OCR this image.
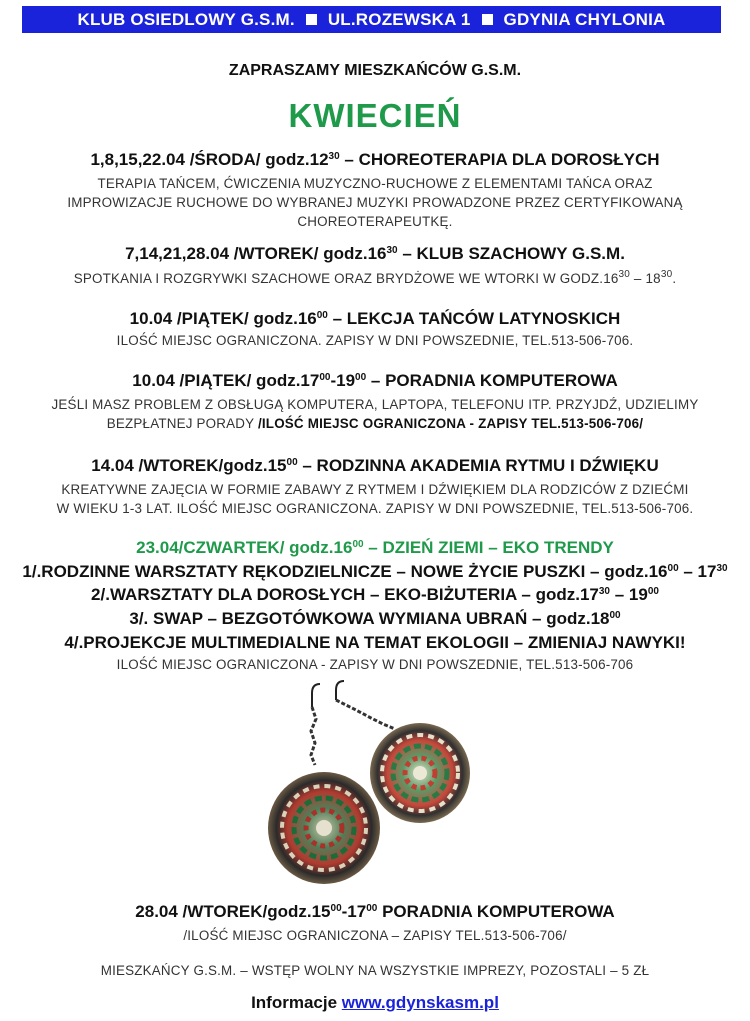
KLUB OSIEDLOWY G.S.M. UL.ROZEWSKA 1 GDYNIA CHYLONIA
ZAPRASZAMY MIESZKAŃCÓW G.S.M.
KWIECIEŃ
1,8,15,22.04 /ŚRODA/ $godz.12^{30}$ – CHOREOTERAPIA DLA DOROSŁYCH
TERAPIA TAŃCEM, ĆWICZENIA MUZYCZNO-RUCHOWE Z ELEMENTAMI TAŃCA ORAZ
IMPROWIZACJE RUCHOWE DO WYBRANEJ MUZYKI PROWADZONE PRZEZ CERTYFIKOWANĄ
CHOREOTERAPEUTKĘ.
7,14,21,28.04 /WTOREK/ $godz.16^{30}$ – KLUB SZACHOWY G.S.M.
SPOTKANIA I ROZGRYWKI SZACHOWE ORAZ BRYDŻOWE WE WTORKI W $GODZ.16^{30} - 18^{30}$.
10.04 /PIĄTEK/ $godz.16^{00}$ – LEKCJA TAŃCÓW LATYNOSKICH
ILOŚĆ MIEJSC OGRANICZONA. ZAPISY W DNI POWSZEDNIE, TEL.513-506-706.
10.04 /PIĄTEK/ $godz.17^{00}-19^{00}$ – PORADNIA KOMPUTEROWA
JEŚLI MASZ PROBLEM Z OBSŁUGĄ KOMPUTERA, LAPTOPA, TELEFONU ITP. PRZYJDŹ, UDZIELIMY
BEZPŁATNEJ PORADY /ILOŚĆ MIEJSC OGRANICZONA - ZAPISY TEL.513-506-706/
14.04 $/WTOREK/godz.15^{00}$ – RODZINNA AKADEMIA RYTMU I DŹWIĘKU
KREATYWNE ZAJĘCIA W FORMIE ZABAWY Z RYTMEM I DŹWIĘKIEM DLA RODZICÓW Z DZIEĆMI
W WIEKU 1-3 LAT. ILOŚĆ MIEJSC OGRANICZONA. ZAPISY W DNI POWSZEDNIE, TEL.513-506-706.
23.04/CZWARTEK/ $godz.16^{00}$ – DZIEŃ ZIEMI – EKO TRENDY
1/.RODZINNE WARSZTATY RĘKODZIELNICZE – NOWE ŻYCIE PUSZKI – $godz.16^{00} - 17^{30}$
2/.WARSZTATY DLA DOROSŁYCH – EKO-BIŻUTERIA – $godz.17^{30} - 19^{00}$
3/. SWAP – BEZGOTÓWKOWA WYMIANA UBRAŃ – $godz.18^{00}$
4/.PROJEKCJE MULTIMEDIALNE NA TEMAT EKOLOGII – ZMIENIAJ NAWYKI!
ILOŚĆ MIEJSC OGRANICZONA - ZAPISY W DNI POWSZEDNIE, TEL.513-506-706
28.04 $/WTOREK/godz.15^{00}-17^{00}$ PORADNIA KOMPUTEROWA
/ILOŚĆ MIEJSC OGRANICZONA – ZAPISY TEL.513-506-706/
MIESZKAŃCY G.S.M. – WSTĘP WOLNY NA WSZYSTKIE IMPREZY, POZOSTALI – 5 ZŁ
Informacje www.gdynskasm.pl
